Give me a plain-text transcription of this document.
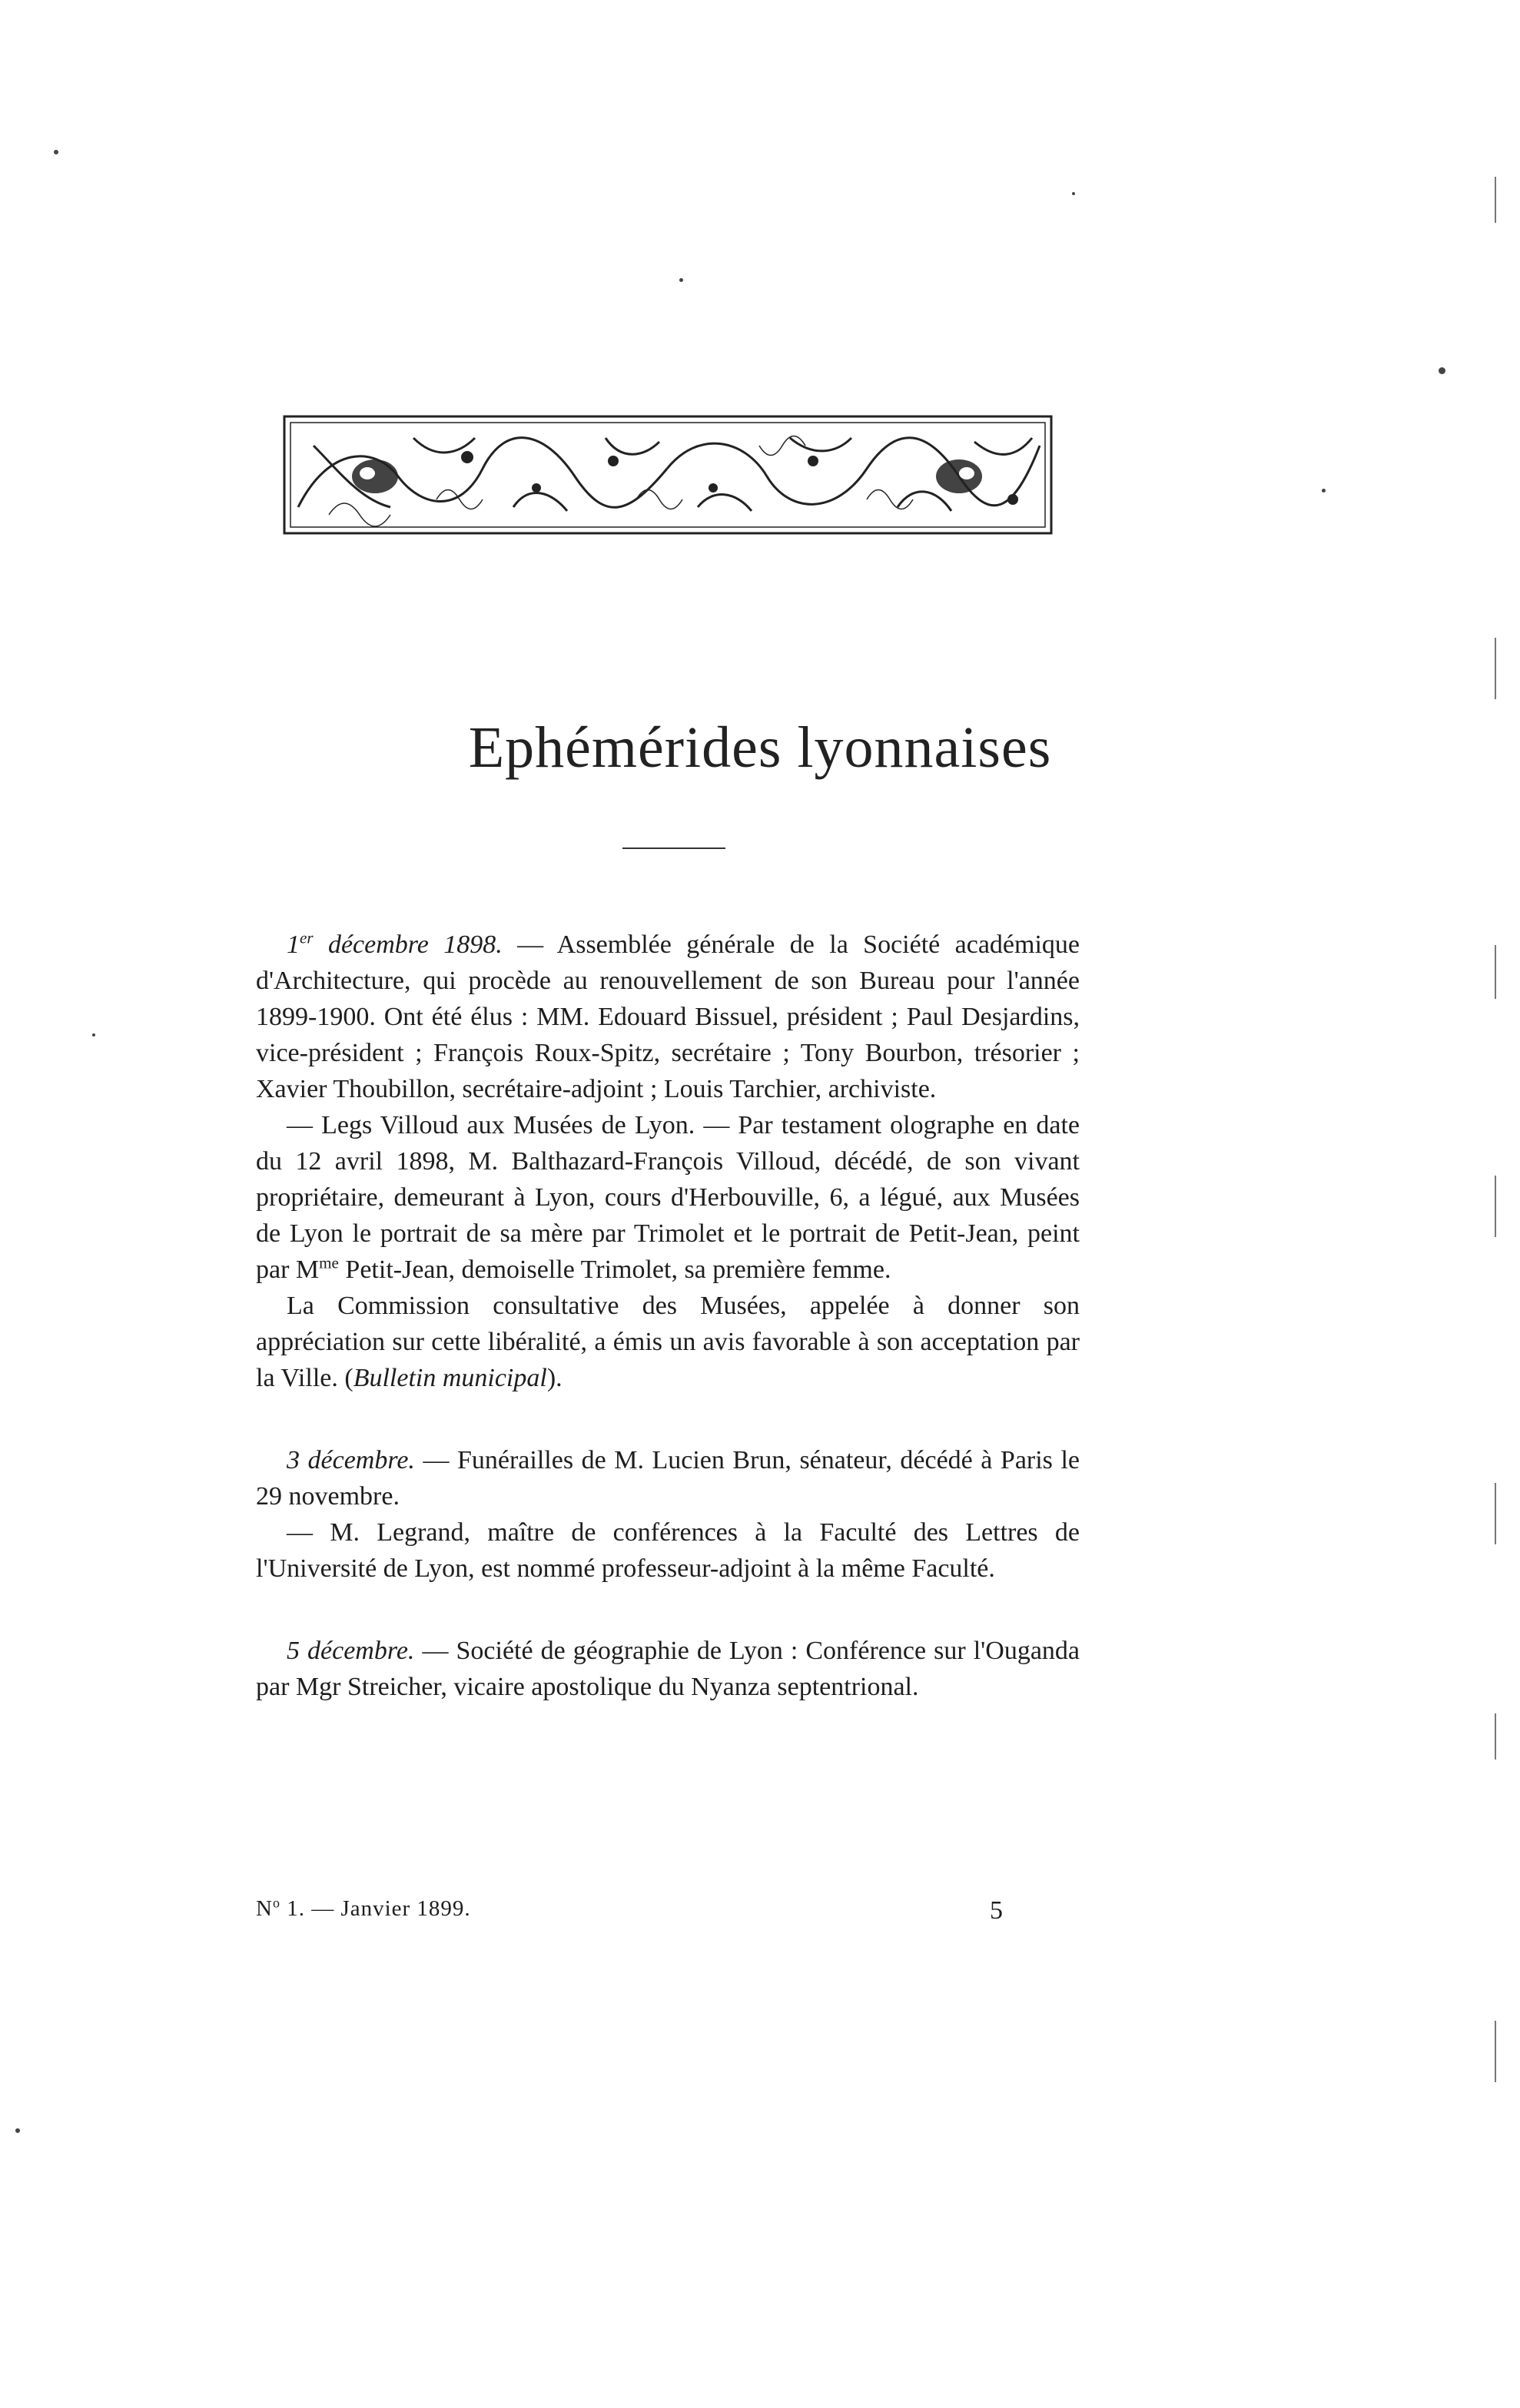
Ephémérides lyonnaises

1er décembre 1898. — Assemblée générale de la Société académique d'Architecture, qui procède au renouvellement de son Bureau pour l'année 1899-1900. Ont été élus : MM. Edouard Bissuel, président ; Paul Desjardins, vice-président ; François Roux-Spitz, secrétaire ; Tony Bourbon, trésorier ; Xavier Thoubillon, secrétaire-adjoint ; Louis Tarchier, archiviste.

— Legs Villoud aux Musées de Lyon. — Par testament olographe en date du 12 avril 1898, M. Balthazard-François Villoud, décédé, de son vivant propriétaire, demeurant à Lyon, cours d'Herbouville, 6, a légué, aux Musées de Lyon le portrait de sa mère par Trimolet et le portrait de Petit-Jean, peint par $M^{me}$ Petit-Jean, demoiselle Trimolet, sa première femme.

La Commission consultative des Musées, appelée à donner son appréciation sur cette libéralité, a émis un avis favorable à son acceptation par la Ville. (Bulletin municipal).

3 décembre. — Funérailles de M. Lucien Brun, sénateur, décédé à Paris le 29 novembre.

— M. Legrand, maître de conférences à la Faculté des Lettres de l'Université de Lyon, est nommé professeur-adjoint à la même Faculté.

5 décembre. — Société de géographie de Lyon : Conférence sur l'Ouganda par Mgr Streicher, vicaire apostolique du Nyanza septentrional.

$N^o$ 1. — Janvier 1899.	5
